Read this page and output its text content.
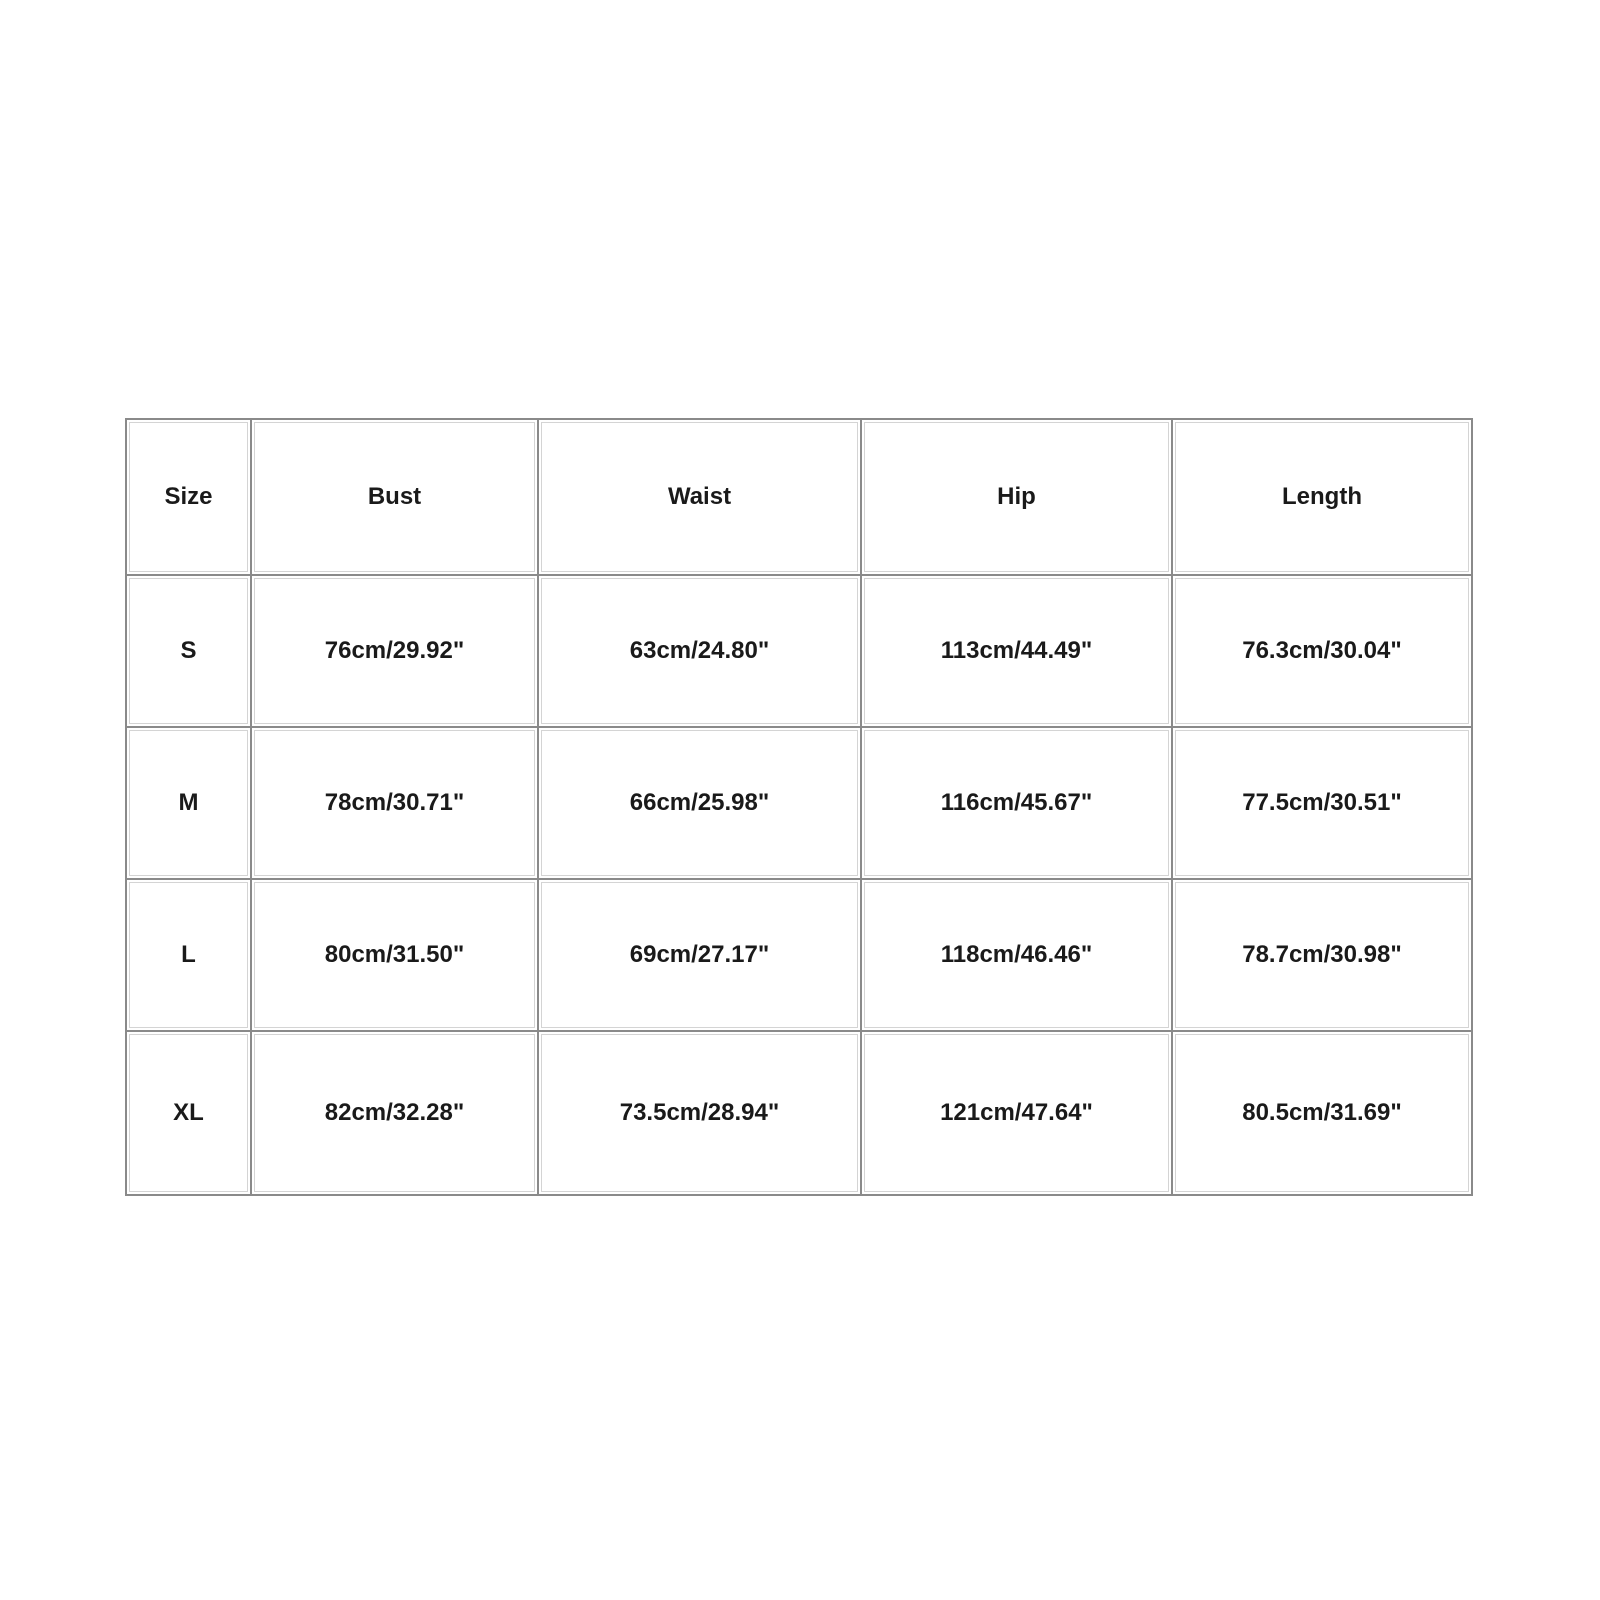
Size	Bust	Waist	Hip	Length
S	76cm/29.92"	63cm/24.80"	113cm/44.49"	76.3cm/30.04"
M	78cm/30.71"	66cm/25.98"	116cm/45.67"	77.5cm/30.51"
L	80cm/31.50"	69cm/27.17"	118cm/46.46"	78.7cm/30.98"
XL	82cm/32.28"	73.5cm/28.94"	121cm/47.64"	80.5cm/31.69"
